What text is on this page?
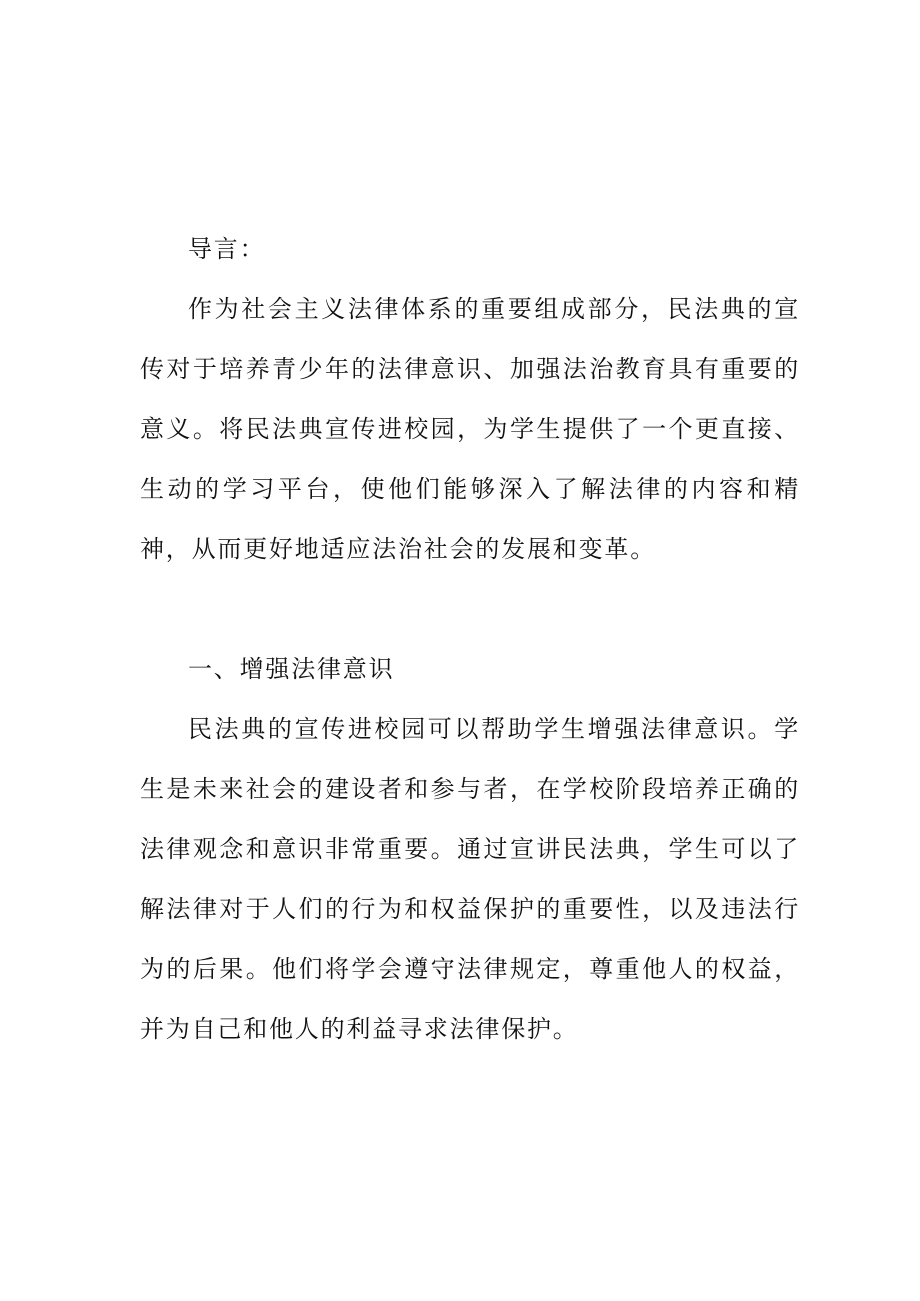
导言：

作为社会主义法律体系的重要组成部分，民法典的宣传对于培养青少年的法律意识、加强法治教育具有重要的意义。将民法典宣传进校园，为学生提供了一个更直接、生动的学习平台，使他们能够深入了解法律的内容和精神，从而更好地适应法治社会的发展和变革。

一、增强法律意识

民法典的宣传进校园可以帮助学生增强法律意识。学生是未来社会的建设者和参与者，在学校阶段培养正确的法律观念和意识非常重要。通过宣讲民法典，学生可以了解法律对于人们的行为和权益保护的重要性，以及违法行为的后果。他们将学会遵守法律规定，尊重他人的权益，并为自己和他人的利益寻求法律保护。
